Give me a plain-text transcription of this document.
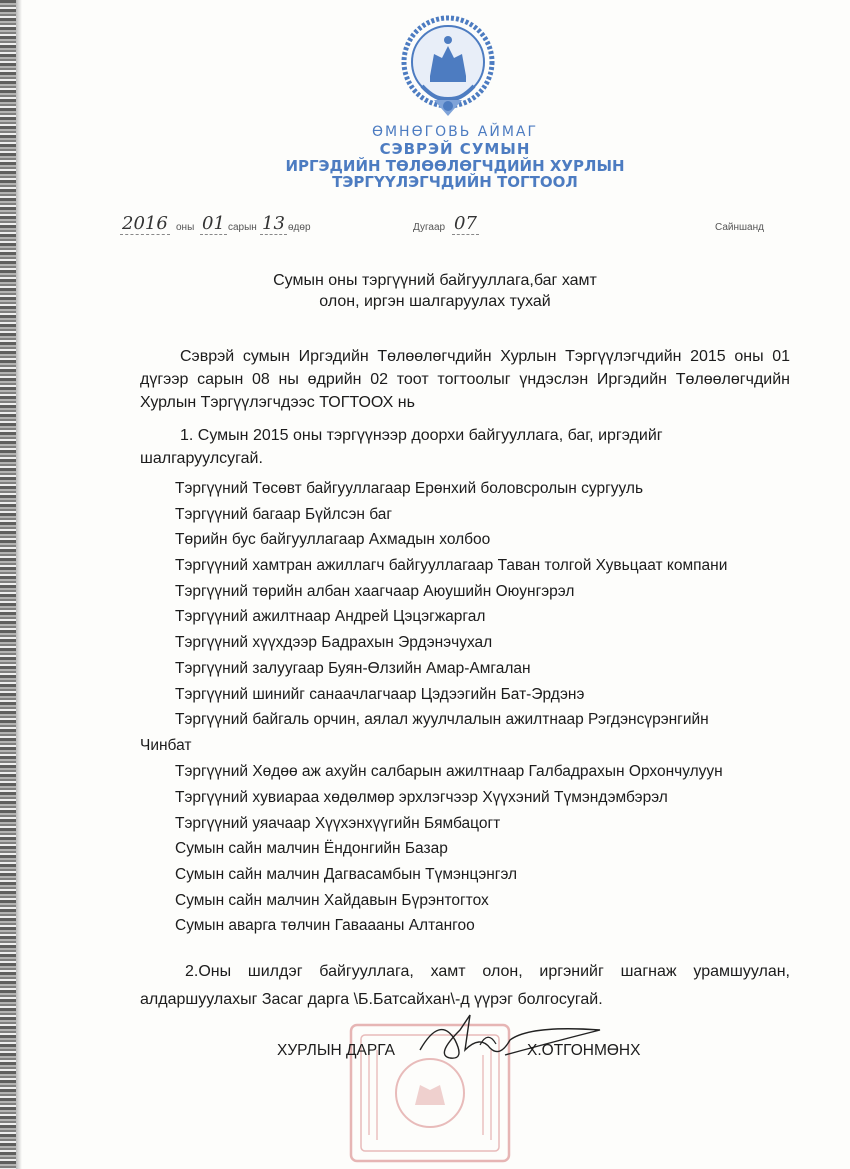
ӨМНӨГОВЬ АЙМАГ
СЭВРЭЙ СУМЫН
ИРГЭДИЙН ТӨЛӨӨЛӨГЧДИЙН ХУРЛЫН
ТЭРГҮҮЛЭГЧДИЙН ТОГТООЛ
2016 оны 01 сарын 13 өдөр	Дугаар 07	Сайншанд
Сумын оны тэргүүний байгууллага,баг хамт
олон, иргэн шалгаруулах тухай
Сэврэй сумын Иргэдийн Төлөөлөгчдийн Хурлын Тэргүүлэгчдийн 2015 оны 01 дүгээр сарын 08 ны өдрийн 02 тоот тогтоолыг үндэслэн Иргэдийн Төлөөлөгчдийн Хурлын Тэргүүлэгчдээс ТОГТООХ нь
1. Сумын 2015 оны тэргүүнээр доорхи байгууллага, баг, иргэдийг
шалгаруулсугай.
Тэргүүний Төсөвт байгууллагаар Ерөнхий боловсролын сургууль
Тэргүүний багаар Бүйлсэн баг
Төрийн бус байгууллагаар Ахмадын холбоо
Тэргүүний хамтран ажиллагч байгууллагаар Таван толгой Хувьцаат компани
Тэргүүний төрийн албан хаагчаар Аюушийн Оюунгэрэл
Тэргүүний ажилтнаар Андрей Цэцэгжаргал
Тэргүүний хүүхдээр Бадрахын Эрдэнэчухал
Тэргүүний залуугаар Буян-Өлзийн Амар-Амгалан
Тэргүүний шинийг санаачлагчаар Цэдээгийн Бат-Эрдэнэ
Тэргүүний байгаль орчин, аялал жуулчлалын ажилтнаар Рэгдэнсүрэнгийн
Чинбат
Тэргүүний Хөдөө аж ахуйн салбарын ажилтнаар Галбадрахын Орхончулуун
Тэргүүний хувиараа хөдөлмөр эрхлэгчээр Хүүхэний Түмэндэмбэрэл
Тэргүүний уяачаар Хүүхэнхүүгийн Бямбацогт
Сумын сайн малчин Ёндонгийн Базар
Сумын сайн малчин Дагвасамбын Түмэнцэнгэл
Сумын сайн малчин Хайдавын Бүрэнтогтох
Сумын аварга төлчин Гаваааны Алтангоо
2.Оны шилдэг байгууллага, хамт олон, иргэнийг шагнаж урамшуулан, алдаршуулахыг Засаг дарга \Б.Батсайхан\-д үүрэг болгосугай.
ХУРЛЫН ДАРГА	Х.ОТГОНМӨНХ
